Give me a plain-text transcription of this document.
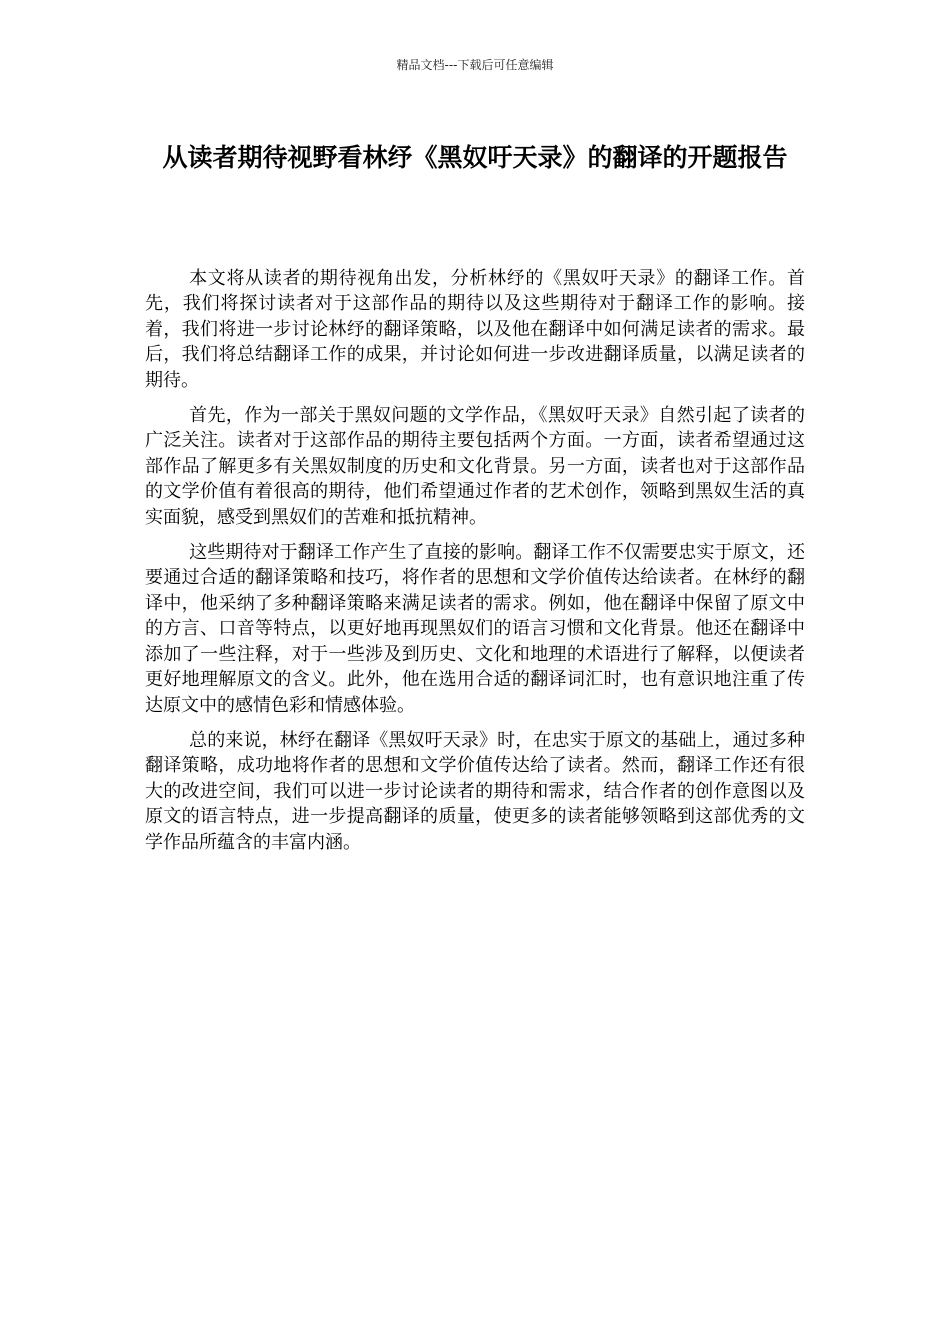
精品文档---下载后可任意编辑
从读者期待视野看林纾《黑奴吁天录》的翻译的开题报告

本文将从读者的期待视角出发，分析林纾的《黑奴吁天录》的翻译工作。首先，我们将探讨读者对于这部作品的期待以及这些期待对于翻译工作的影响。接着，我们将进一步讨论林纾的翻译策略，以及他在翻译中如何满足读者的需求。最后，我们将总结翻译工作的成果，并讨论如何进一步改进翻译质量，以满足读者的期待。

首先，作为一部关于黑奴问题的文学作品，《黑奴吁天录》自然引起了读者的广泛关注。读者对于这部作品的期待主要包括两个方面。一方面，读者希望通过这部作品了解更多有关黑奴制度的历史和文化背景。另一方面，读者也对于这部作品的文学价值有着很高的期待，他们希望通过作者的艺术创作，领略到黑奴生活的真实面貌，感受到黑奴们的苦难和抵抗精神。

这些期待对于翻译工作产生了直接的影响。翻译工作不仅需要忠实于原文，还要通过合适的翻译策略和技巧，将作者的思想和文学价值传达给读者。在林纾的翻译中，他采纳了多种翻译策略来满足读者的需求。例如，他在翻译中保留了原文中的方言、口音等特点，以更好地再现黑奴们的语言习惯和文化背景。他还在翻译中添加了一些注释，对于一些涉及到历史、文化和地理的术语进行了解释，以便读者更好地理解原文的含义。此外，他在选用合适的翻译词汇时，也有意识地注重了传达原文中的感情色彩和情感体验。

总的来说，林纾在翻译《黑奴吁天录》时，在忠实于原文的基础上，通过多种翻译策略，成功地将作者的思想和文学价值传达给了读者。然而，翻译工作还有很大的改进空间，我们可以进一步讨论读者的期待和需求，结合作者的创作意图以及原文的语言特点，进一步提高翻译的质量，使更多的读者能够领略到这部优秀的文学作品所蕴含的丰富内涵。
